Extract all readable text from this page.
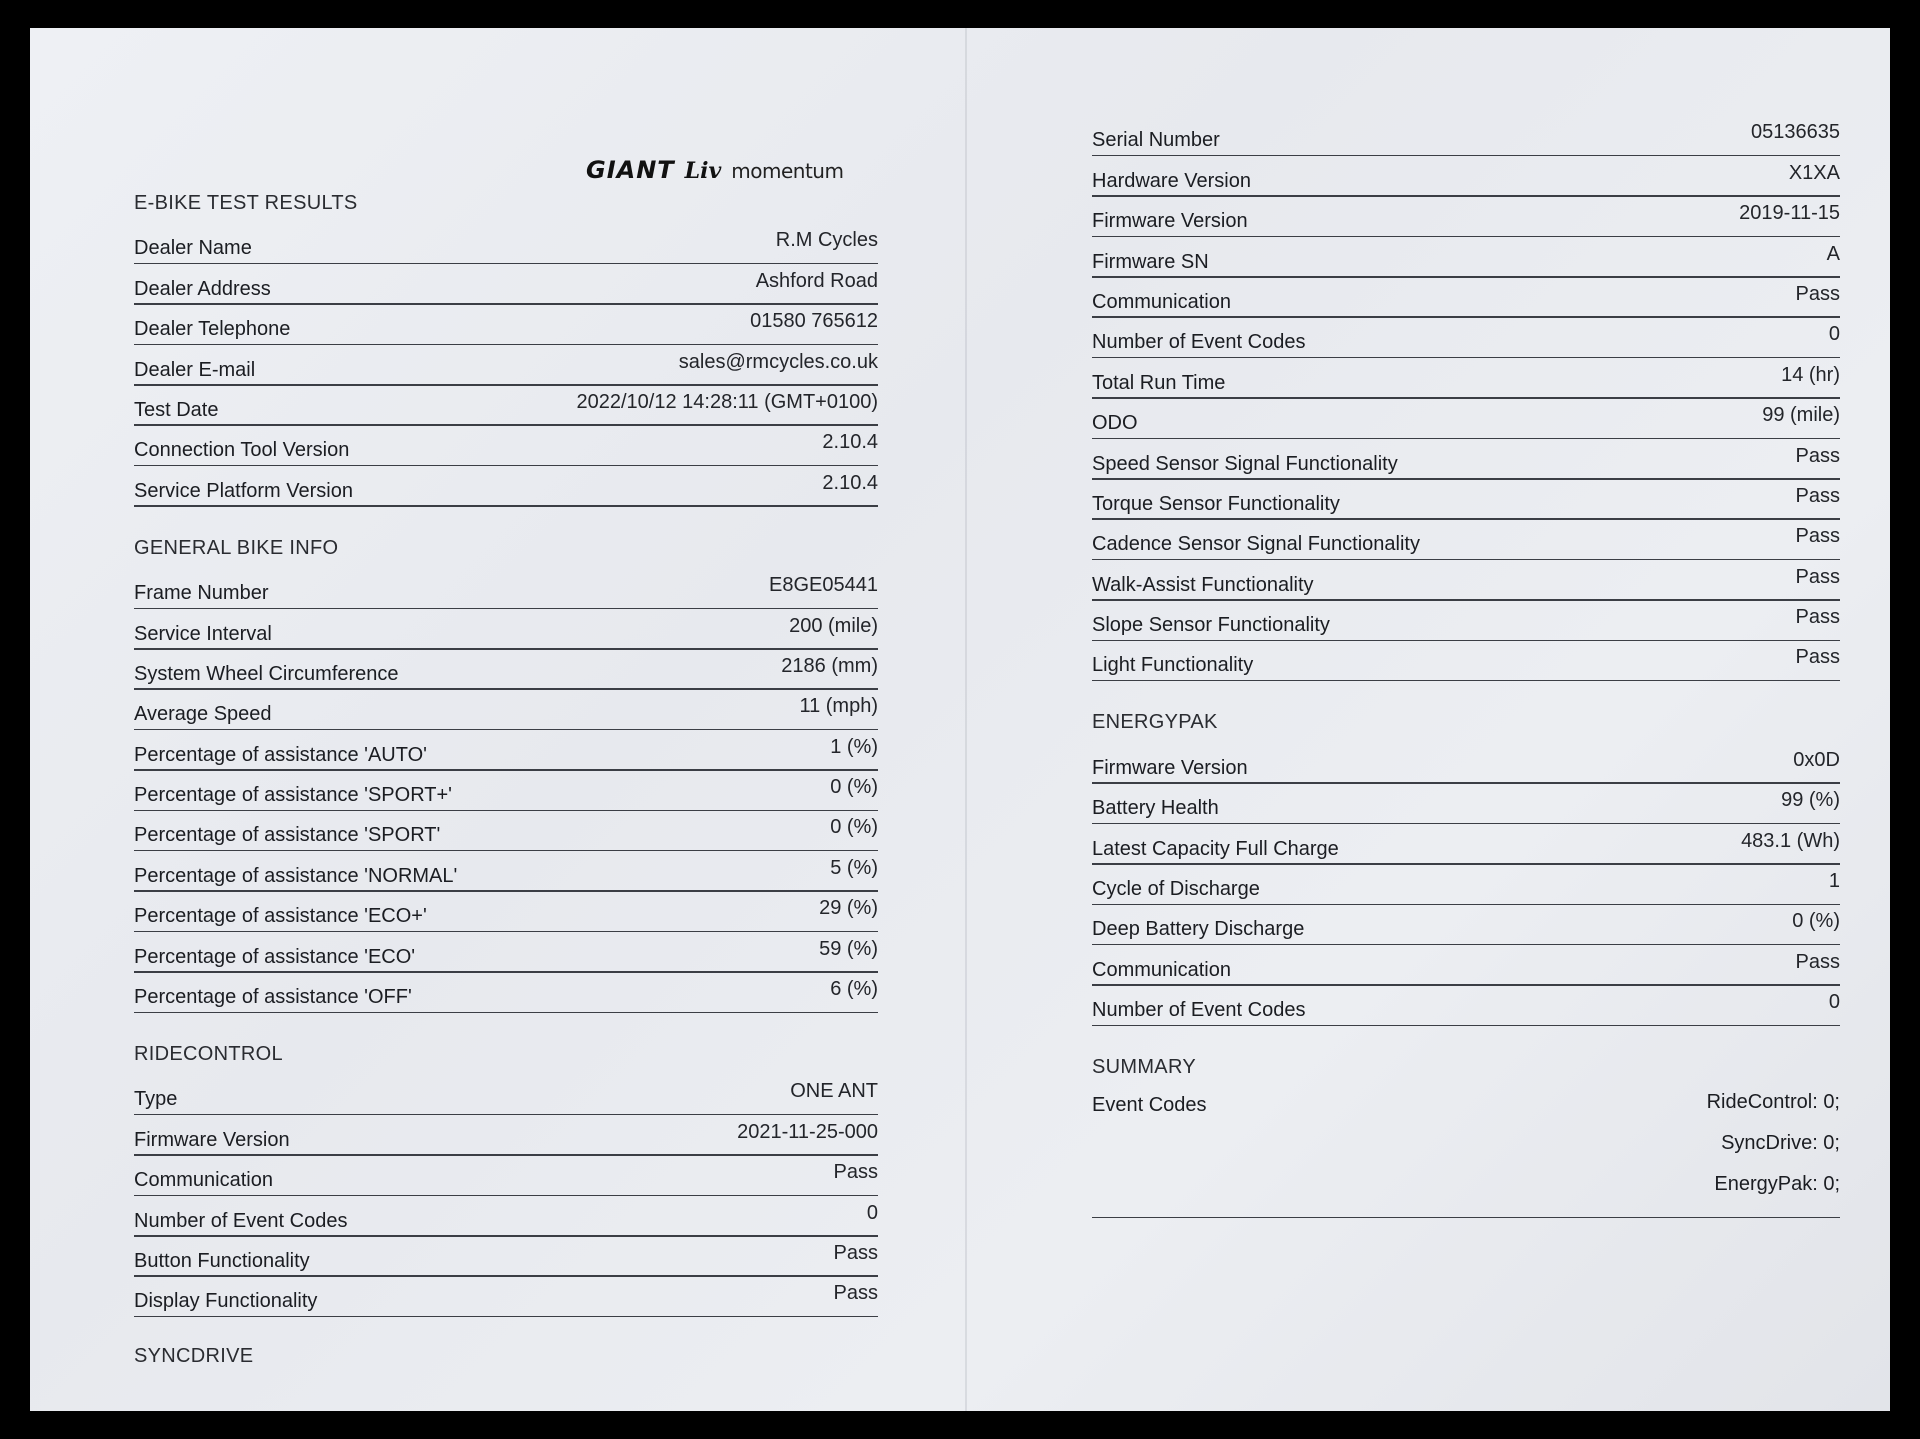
GIANT Liv momentum
E-BIKE TEST RESULTS
Dealer Name	R.M Cycles
Dealer Address	Ashford Road
Dealer Telephone	01580 765612
Dealer E-mail	sales@rmcycles.co.uk
Test Date	2022/10/12 14:28:11 (GMT+0100)
Connection Tool Version	2.10.4
Service Platform Version	2.10.4
GENERAL BIKE INFO
Frame Number	E8GE05441
Service Interval	200 (mile)
System Wheel Circumference	2186 (mm)
Average Speed	11 (mph)
Percentage of assistance 'AUTO'	1 (%)
Percentage of assistance 'SPORT+'	0 (%)
Percentage of assistance 'SPORT'	0 (%)
Percentage of assistance 'NORMAL'	5 (%)
Percentage of assistance 'ECO+'	29 (%)
Percentage of assistance 'ECO'	59 (%)
Percentage of assistance 'OFF'	6 (%)
RIDECONTROL
Type	ONE ANT
Firmware Version	2021-11-25-000
Communication	Pass
Number of Event Codes	0
Button Functionality	Pass
Display Functionality	Pass
SYNCDRIVE
Serial Number	05136635
Hardware Version	X1XA
Firmware Version	2019-11-15
Firmware SN	A
Communication	Pass
Number of Event Codes	0
Total Run Time	14 (hr)
ODO	99 (mile)
Speed Sensor Signal Functionality	Pass
Torque Sensor Functionality	Pass
Cadence Sensor Signal Functionality	Pass
Walk-Assist Functionality	Pass
Slope Sensor Functionality	Pass
Light Functionality	Pass
ENERGYPAK
Firmware Version	0x0D
Battery Health	99 (%)
Latest Capacity Full Charge	483.1 (Wh)
Cycle of Discharge	1
Deep Battery Discharge	0 (%)
Communication	Pass
Number of Event Codes	0
SUMMARY
Event Codes	RideControl: 0;
SyncDrive: 0;
EnergyPak: 0;
